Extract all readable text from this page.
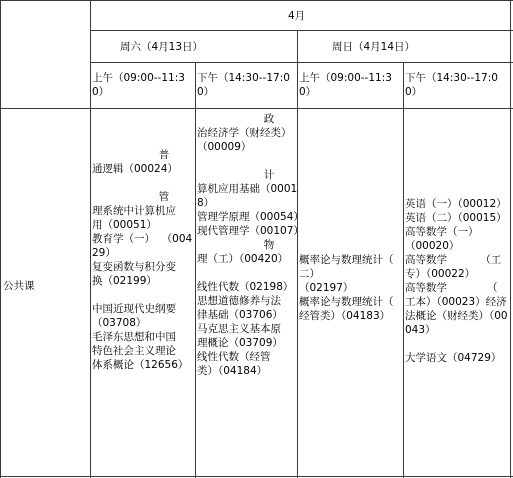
4月
周六（4月13日）	周日（4月14日）
上午（09:00--11:3
0）
下午（14:30--17:0
0）
上午（09:00--11:3
0）
下午（14:30--17:0
0）
公共课
普
通逻辑（00024）

管
理系统中计算机应
用（00051）
教育学（一）  （004
29）
复变函数与积分变
换（02199）

中国近现代史纲要
（03708）
毛泽东思想和中国
特色社会主义理论
体系概论（12656）
政
治经济学（财经类）
（00009）

计
算机应用基础（0001
8）
管理学原理（00054）
现代管理学（00107）
物
理（工）（00420）

线性代数（02198）
思想道德修养与法
律基础（03706）
马克思主义基本原
理概论（03709）
线性代数（经管
类）（04184）
概率论与数理统计（
二）
（02197）
概率论与数理统计（
经管类）（04183）
英语（一）（00012）
英语（二）（00015）
高等数学（一）
（00020）
高等数学          （工
专）（00022）
高等数学            （
工本）（00023）经济
法概论（财经类）（00
043）

大学语文（04729）
